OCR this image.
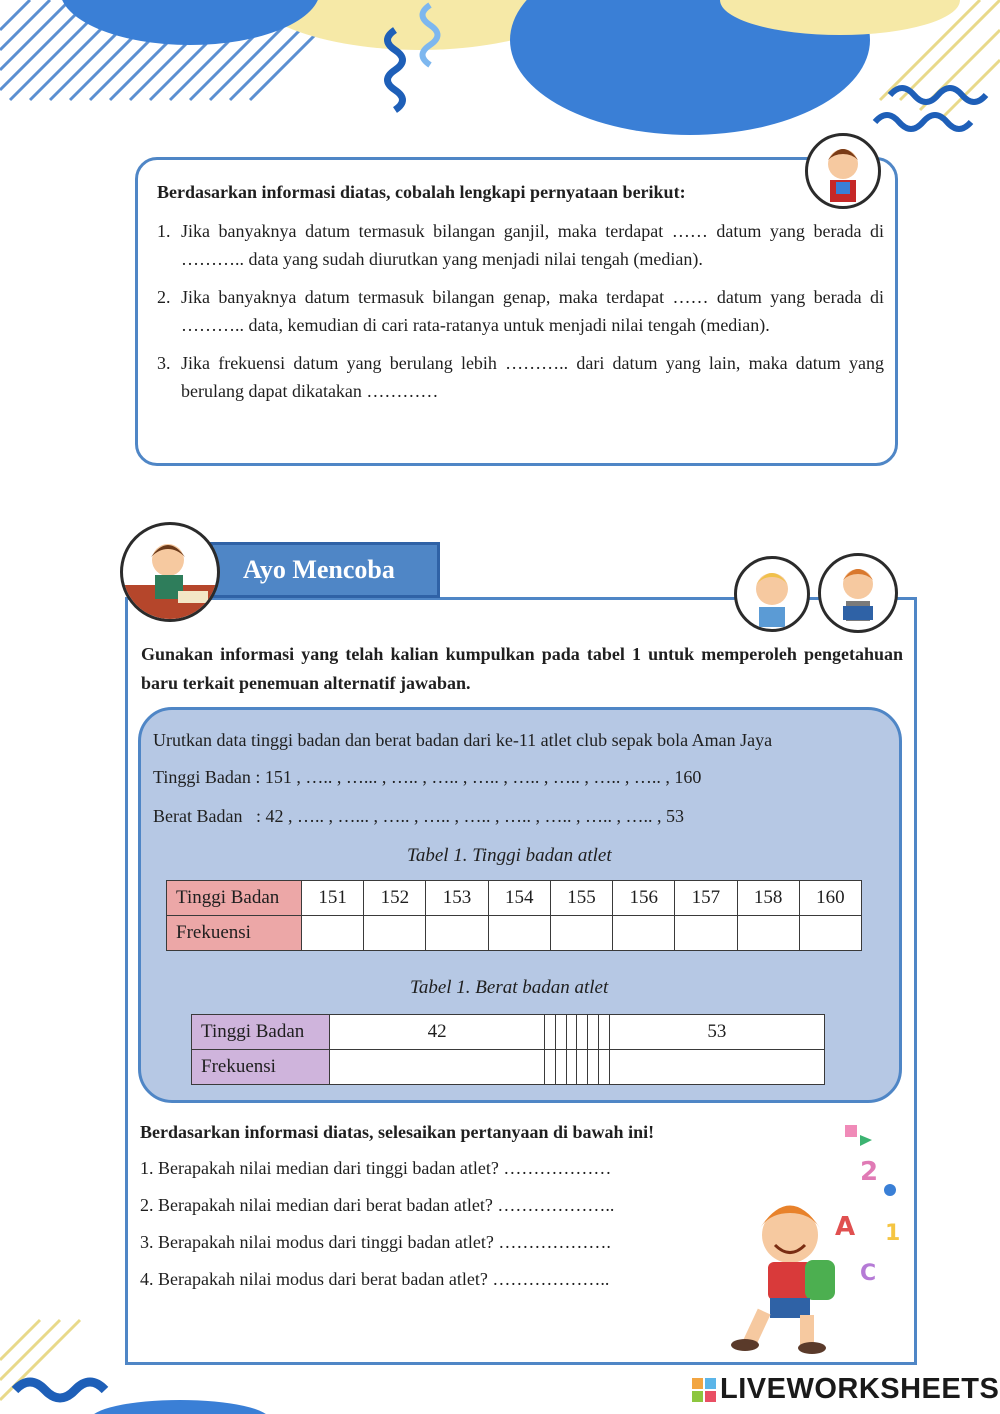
Berdasarkan informasi diatas, cobalah lengkapi pernyataan berikut:
1. Jika banyaknya datum termasuk bilangan ganjil, maka terdapat …… datum yang berada di ……….. data yang sudah diurutkan yang menjadi nilai tengah (median).
2. Jika banyaknya datum termasuk bilangan genap, maka terdapat …… datum yang berada di ……….. data, kemudian di cari rata-ratanya untuk menjadi nilai tengah (median).
3. Jika frekuensi datum yang berulang lebih ……….. dari datum yang lain, maka datum yang berulang dapat dikatakan …………
Ayo Mencoba
Gunakan informasi yang telah kalian kumpulkan pada tabel 1 untuk memperoleh pengetahuan baru terkait penemuan alternatif jawaban.
Urutkan data tinggi badan dan berat badan dari ke-11 atlet club sepak bola Aman Jaya
Tinggi Badan : 151 , ….. , …... , ….. , ….. , ….. , ….. , ….. , ….. , ….. , 160
Berat Badan   : 42 , ….. , …... , ….. , ….. , ….. , ….. , ….. , ….. , ….. , 53
Tabel 1. Tinggi badan atlet
Tinggi Badan	151	152	153	154	155	156	157	158	160
Frekuensi									
Tabel 1. Berat badan atlet
Tinggi Badan	42							53
Frekuensi								
Berdasarkan informasi diatas, selesaikan pertanyaan di bawah ini!
1. Berapakah nilai median dari tinggi badan atlet? ………………
2. Berapakah nilai median dari berat badan atlet? ………………..
3. Berapakah nilai modus dari tinggi badan atlet? ……………….
4. Berapakah nilai modus dari berat badan atlet? ………………..
2
1
A
C
LIVEWORKSHEETS
